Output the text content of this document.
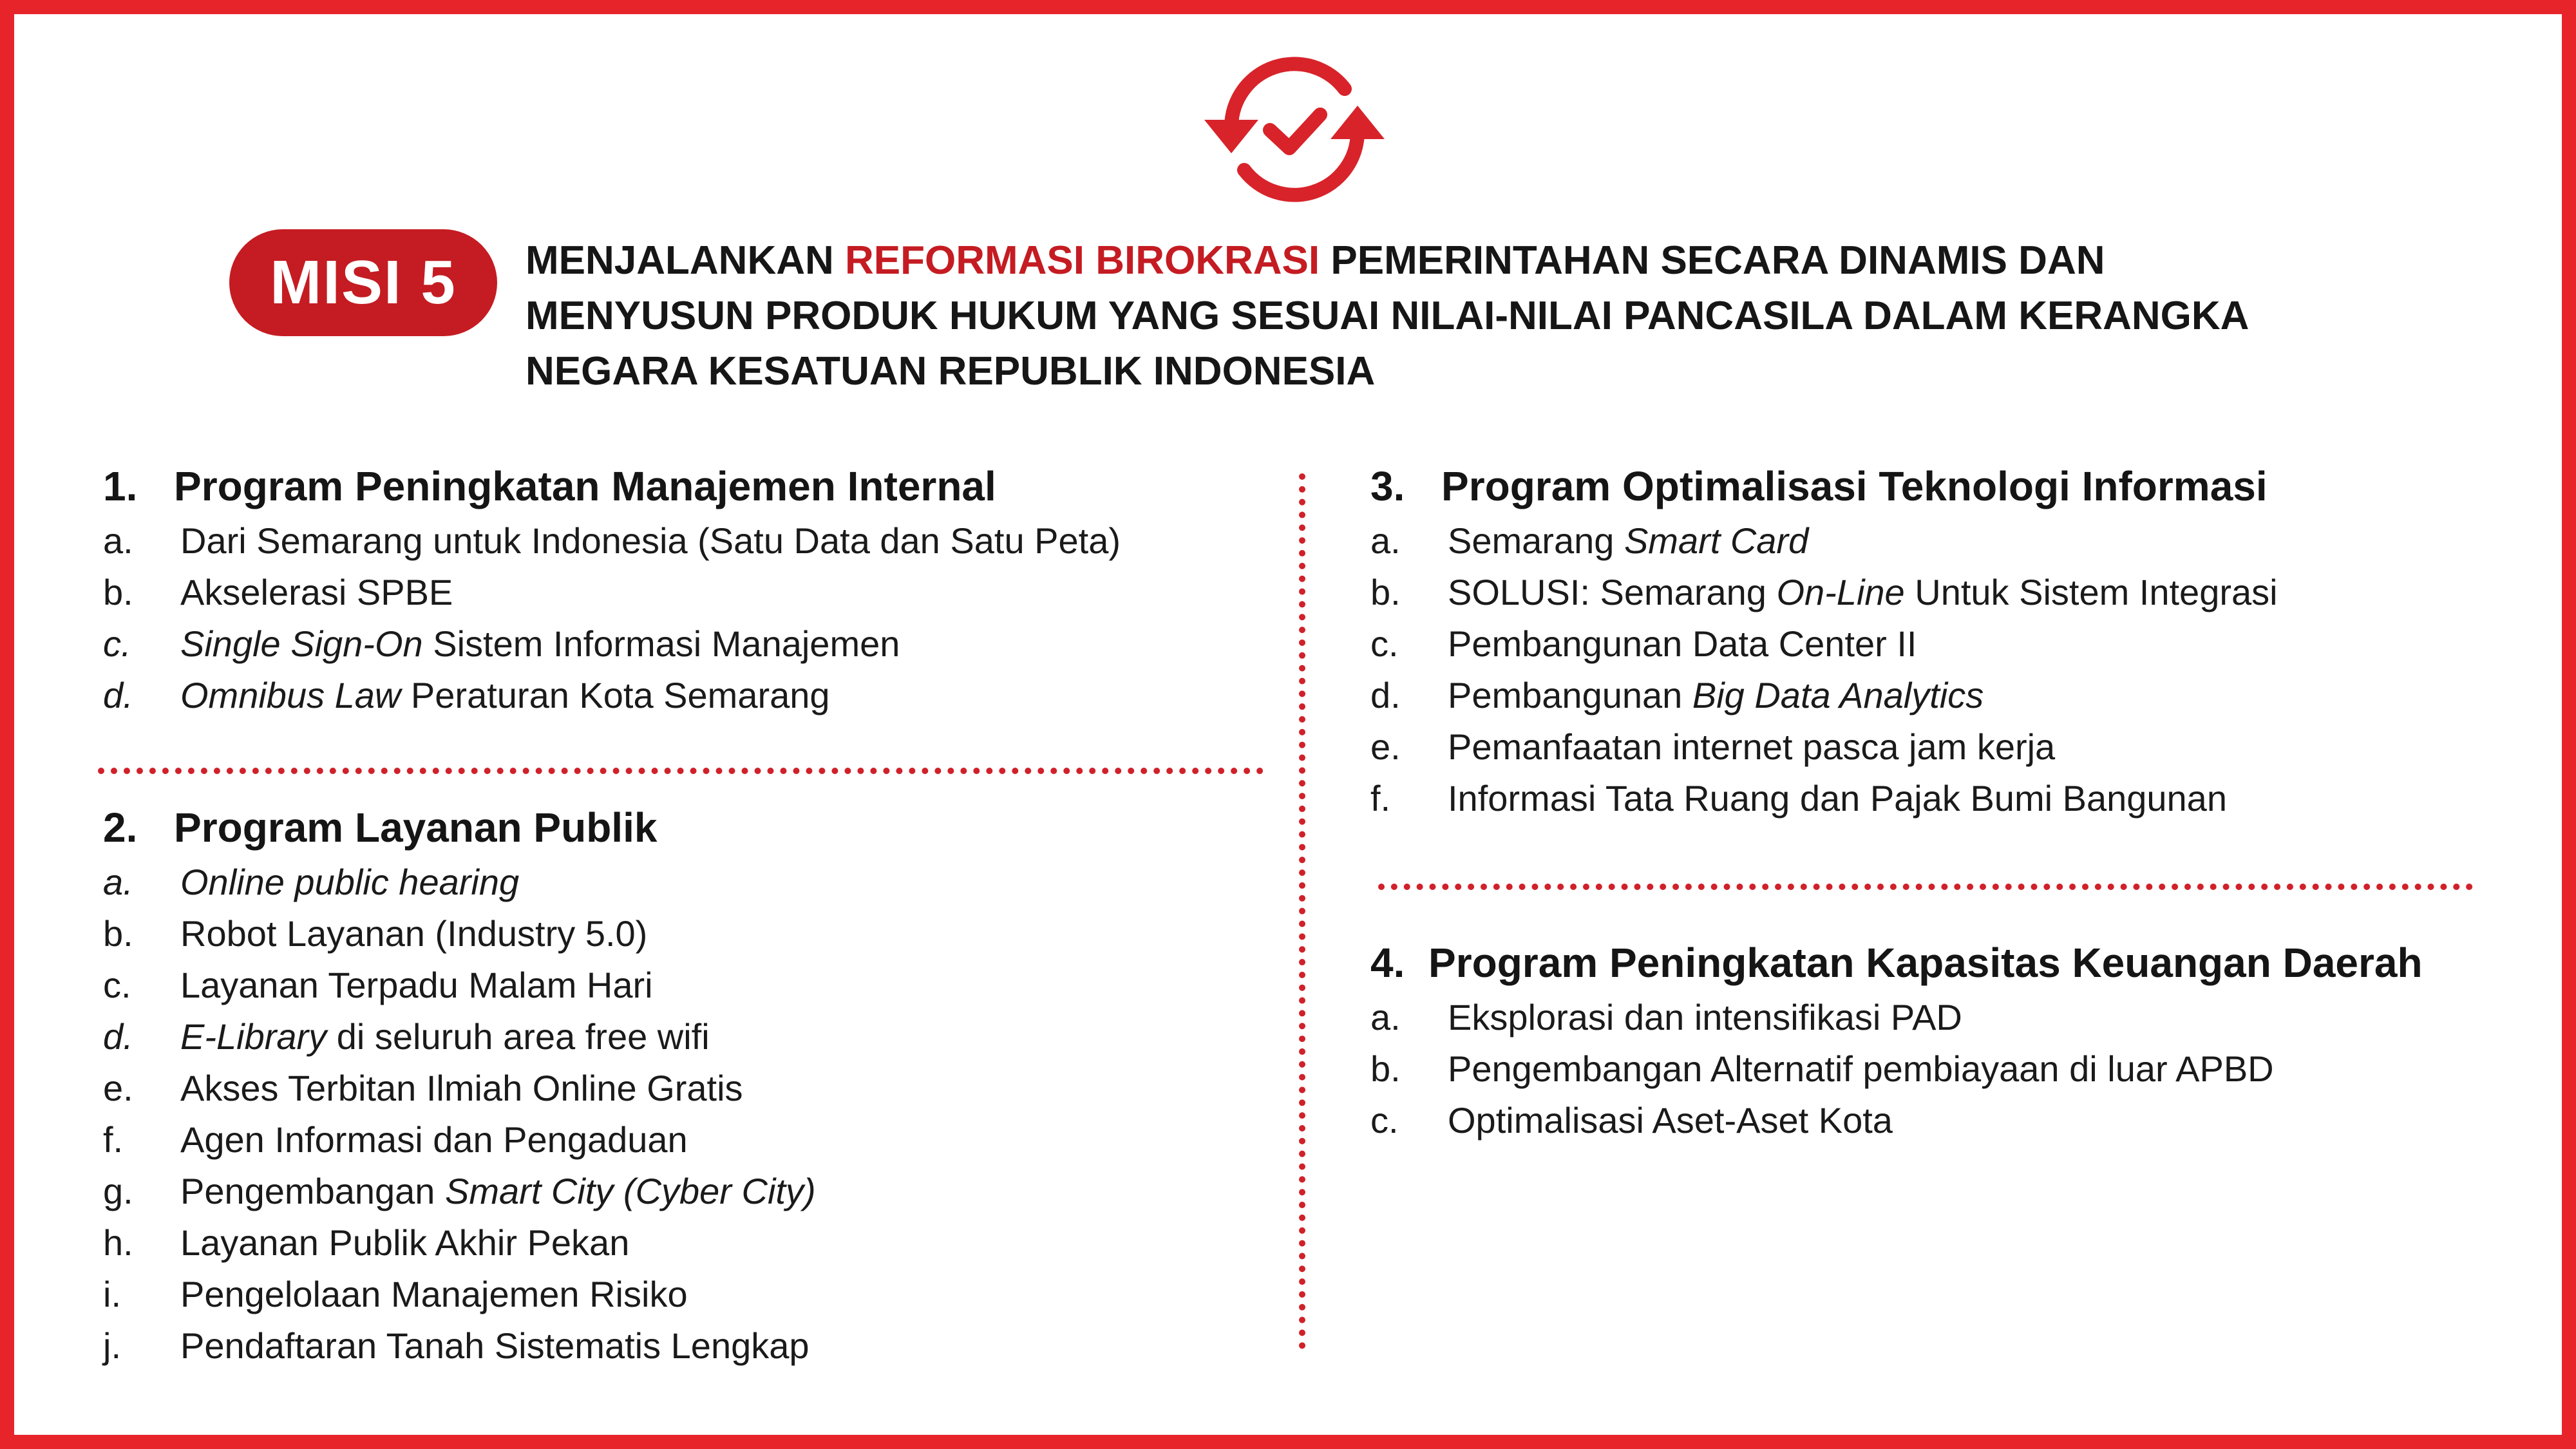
MISI 5	MENJALANKAN REFORMASI BIROKRASI PEMERINTAHAN SECARA DINAMIS DAN
MENYUSUN PRODUK HUKUM YANG SESUAI NILAI-NILAI PANCASILA DALAM KERANGKA
NEGARA KESATUAN REPUBLIK INDONESIA
1. Program Peningkatan Manajemen Internal
a.	Dari Semarang untuk Indonesia (Satu Data dan Satu Peta)
b.	Akselerasi SPBE
c.	Single Sign-On Sistem Informasi Manajemen
d.	Omnibus Law Peraturan Kota Semarang
2. Program Layanan Publik
a.	Online public hearing
b.	Robot Layanan (Industry 5.0)
c.	Layanan Terpadu Malam Hari
d.	E-Library di seluruh area free wifi
e.	Akses Terbitan Ilmiah Online Gratis
f.	Agen Informasi dan Pengaduan
g.	Pengembangan Smart City (Cyber City)
h.	Layanan Publik Akhir Pekan
i.	Pengelolaan Manajemen Risiko
j.	Pendaftaran Tanah Sistematis Lengkap
3. Program Optimalisasi Teknologi Informasi
a.	Semarang Smart Card
b.	SOLUSI: Semarang On-Line Untuk Sistem Integrasi
c.	Pembangunan Data Center II
d.	Pembangunan Big Data Analytics
e.	Pemanfaatan internet pasca jam kerja
f.	Informasi Tata Ruang dan Pajak Bumi Bangunan
4. Program Peningkatan Kapasitas Keuangan Daerah
a.	Eksplorasi dan intensifikasi PAD
b.	Pengembangan Alternatif pembiayaan di luar APBD
c.	Optimalisasi Aset-Aset Kota
